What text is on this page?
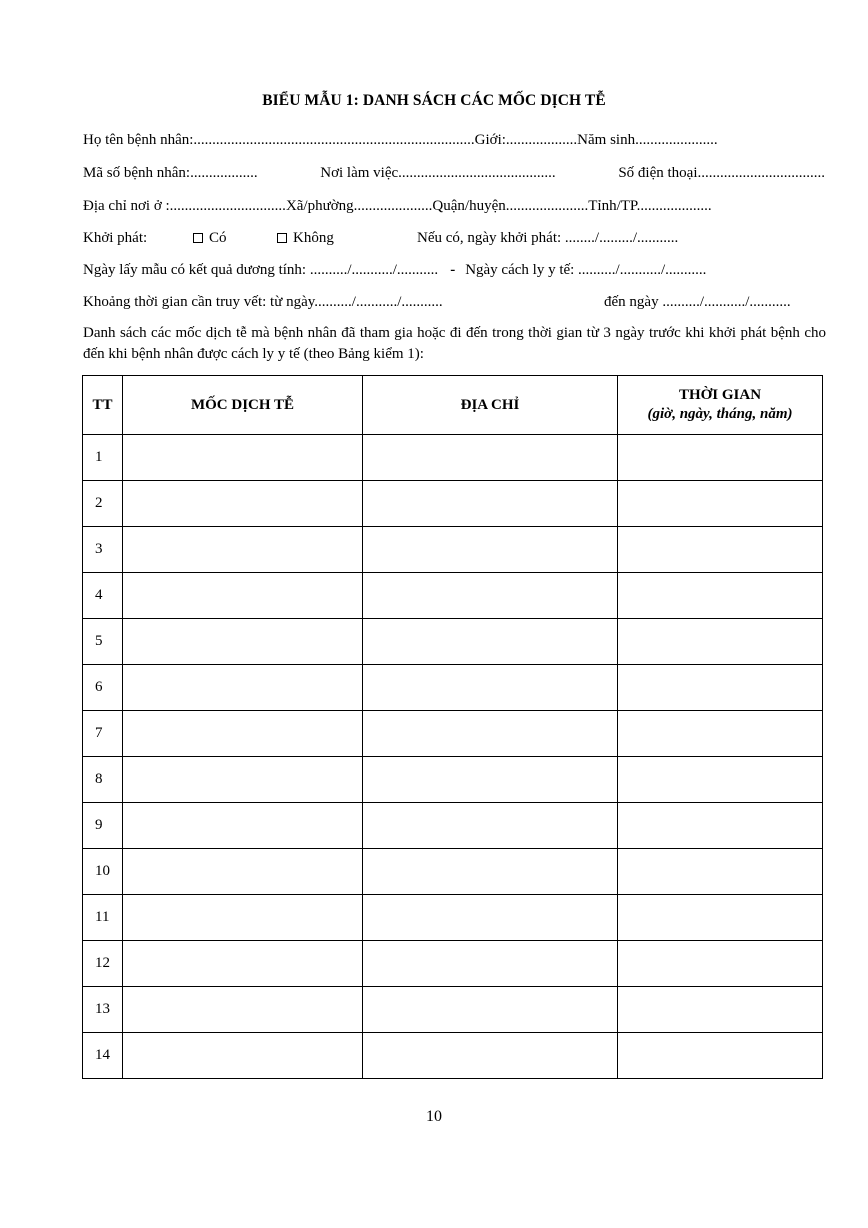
BIỂU MẪU 1: DANH SÁCH CÁC MỐC DỊCH TỄ
Họ tên bệnh nhân:...........................................................................Giới:...................Năm sinh......................
Mã số bệnh nhân:..................	Nơi làm việc..........................................	Số điện thoại..................................
Địa chỉ nơi ở :...............................Xã/phường.....................Quận/huyện......................Tỉnh/TP....................
Khởi phát:	Có	Không	Nếu có, ngày khởi phát: ......../........./...........
Ngày lấy mẫu có kết quả dương tính: ........../.........../........... - Ngày cách ly y tế: ........../.........../...........
Khoảng thời gian cần truy vết: từ ngày........../.........../...........	đến ngày ........../.........../...........
Danh sách các mốc dịch tễ mà bệnh nhân đã tham gia hoặc đi đến trong thời gian từ 3 ngày trước khi khởi phát bệnh cho đến khi bệnh nhân được cách ly y tế (theo Bảng kiểm 1):
TT	MỐC DỊCH TỄ	ĐỊA CHỈ	THỜI GIAN
(giờ, ngày, tháng, năm)

1			
2			
3			
4			
5			
6			
7			
8			
9			
10			
11			
12			
13			
14			
10
